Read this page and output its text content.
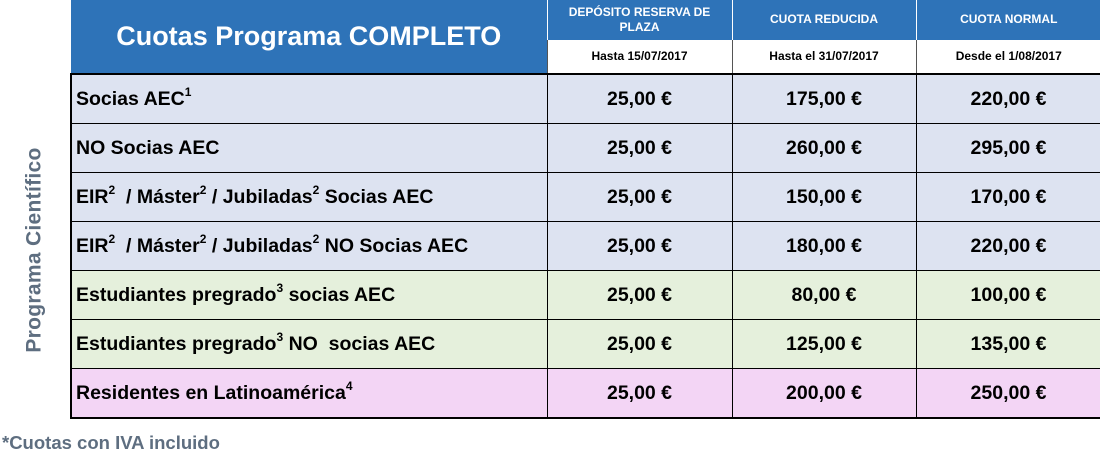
Programa Científico
Cuotas Programa COMPLETO	DEPÓSITO RESERVA DE PLAZA	CUOTA REDUCIDA	CUOTA NORMAL
	Hasta 15/07/2017	Hasta el 31/07/2017	Desde el 1/08/2017
Socias AEC$^1$	25,00 €	175,00 €	220,00 €
NO Socias AEC	25,00 €	260,00 €	295,00 €
EIR$^2$  / Máster$^2$ / Jubiladas$^2$ Socias AEC	25,00 €	150,00 €	170,00 €
EIR$^2$  / Máster$^2$ / Jubiladas$^2$ NO Socias AEC	25,00 €	180,00 €	220,00 €
Estudiantes pregrado$^3$ socias AEC	25,00 €	80,00 €	100,00 €
Estudiantes pregrado$^3$ NO  socias AEC	25,00 €	125,00 €	135,00 €
Residentes en Latinoamérica$^4$	25,00 €	200,00 €	250,00 €
*Cuotas con IVA incluido
